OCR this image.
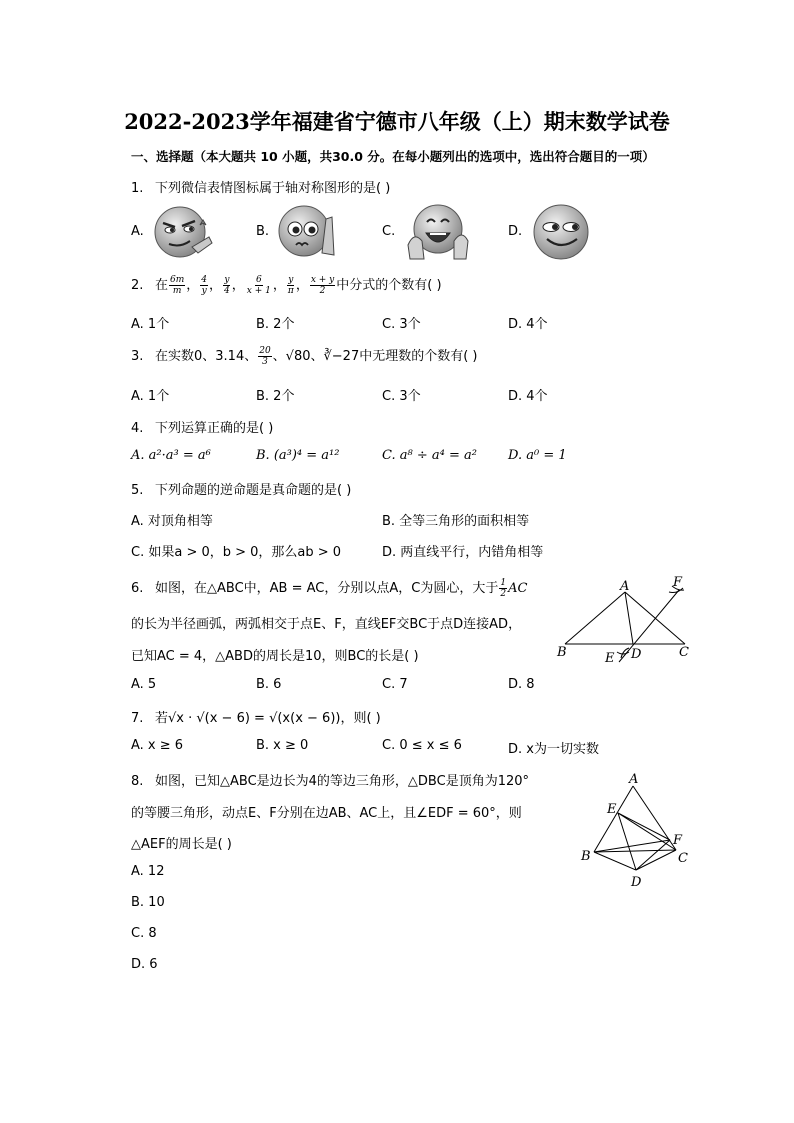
2022-2023学年福建省宁德市八年级（上）期末数学试卷
一、选择题（本大题共 10 小题，共30.0 分。在每小题列出的选项中，选出符合题目的一项）
1. 下列微信表情图标属于轴对称图形的是( )
A.	B.	C.	D.
2. 在 $\frac{6m}{m}$ ， $\frac{4}{y}$ ， $\frac{y}{4}$ ， $\frac{6}{x + 1}$ ， $\frac{y}{\pi}$ ， $\frac{x + y}{2}$ 中分式的个数有( )
A. 1个	B. 2个	C. 3个	D. 4个
3. 在实数0、3.14、 $\frac{20}{3}$ 、√80、∛−27中无理数的个数有( )
A. 1个	B. 2个	C. 3个	D. 4个
4. 下列运算正确的是( )
A. a²·a³ = a⁶	B. (a³)⁴ = a¹²	C. a⁸ ÷ a⁴ = a² D. a⁰ = 1
5. 下列命题的逆命题是真命题的是( )
A. 对顶角相等	B. 全等三角形的面积相等
C. 如果a > 0，b > 0，那么ab > 0	D. 两直线平行，内错角相等
6. 如图，在△ABC中，AB = AC，分别以点A，C为圆心，大于 $\frac{1}{2}$ AC
的长为半径画弧，两弧相交于点E、F，直线EF交BC于点D连接AD，
已知AC = 4，△ABD的周长是10，则BC的长是( )
A. 5	B. 6	C. 7	D. 8
A	F
B	E D	C
7. 若√x · √(x − 6) = √(x(x − 6))，则( )
A. x ≥ 6	B. x ≥ 0	C. 0 ≤ x ≤ 6	D. x为一切实数
8. 如图，已知△ABC是边长为4的等边三角形，△DBC是顶角为120°
的等腰三角形，动点E、F分别在边AB、AC上，且∠EDF = 60°，则
△AEF的周长是( )
A. 12
B. 10
C. 8
D. 6
A
E
F
B	C
D
